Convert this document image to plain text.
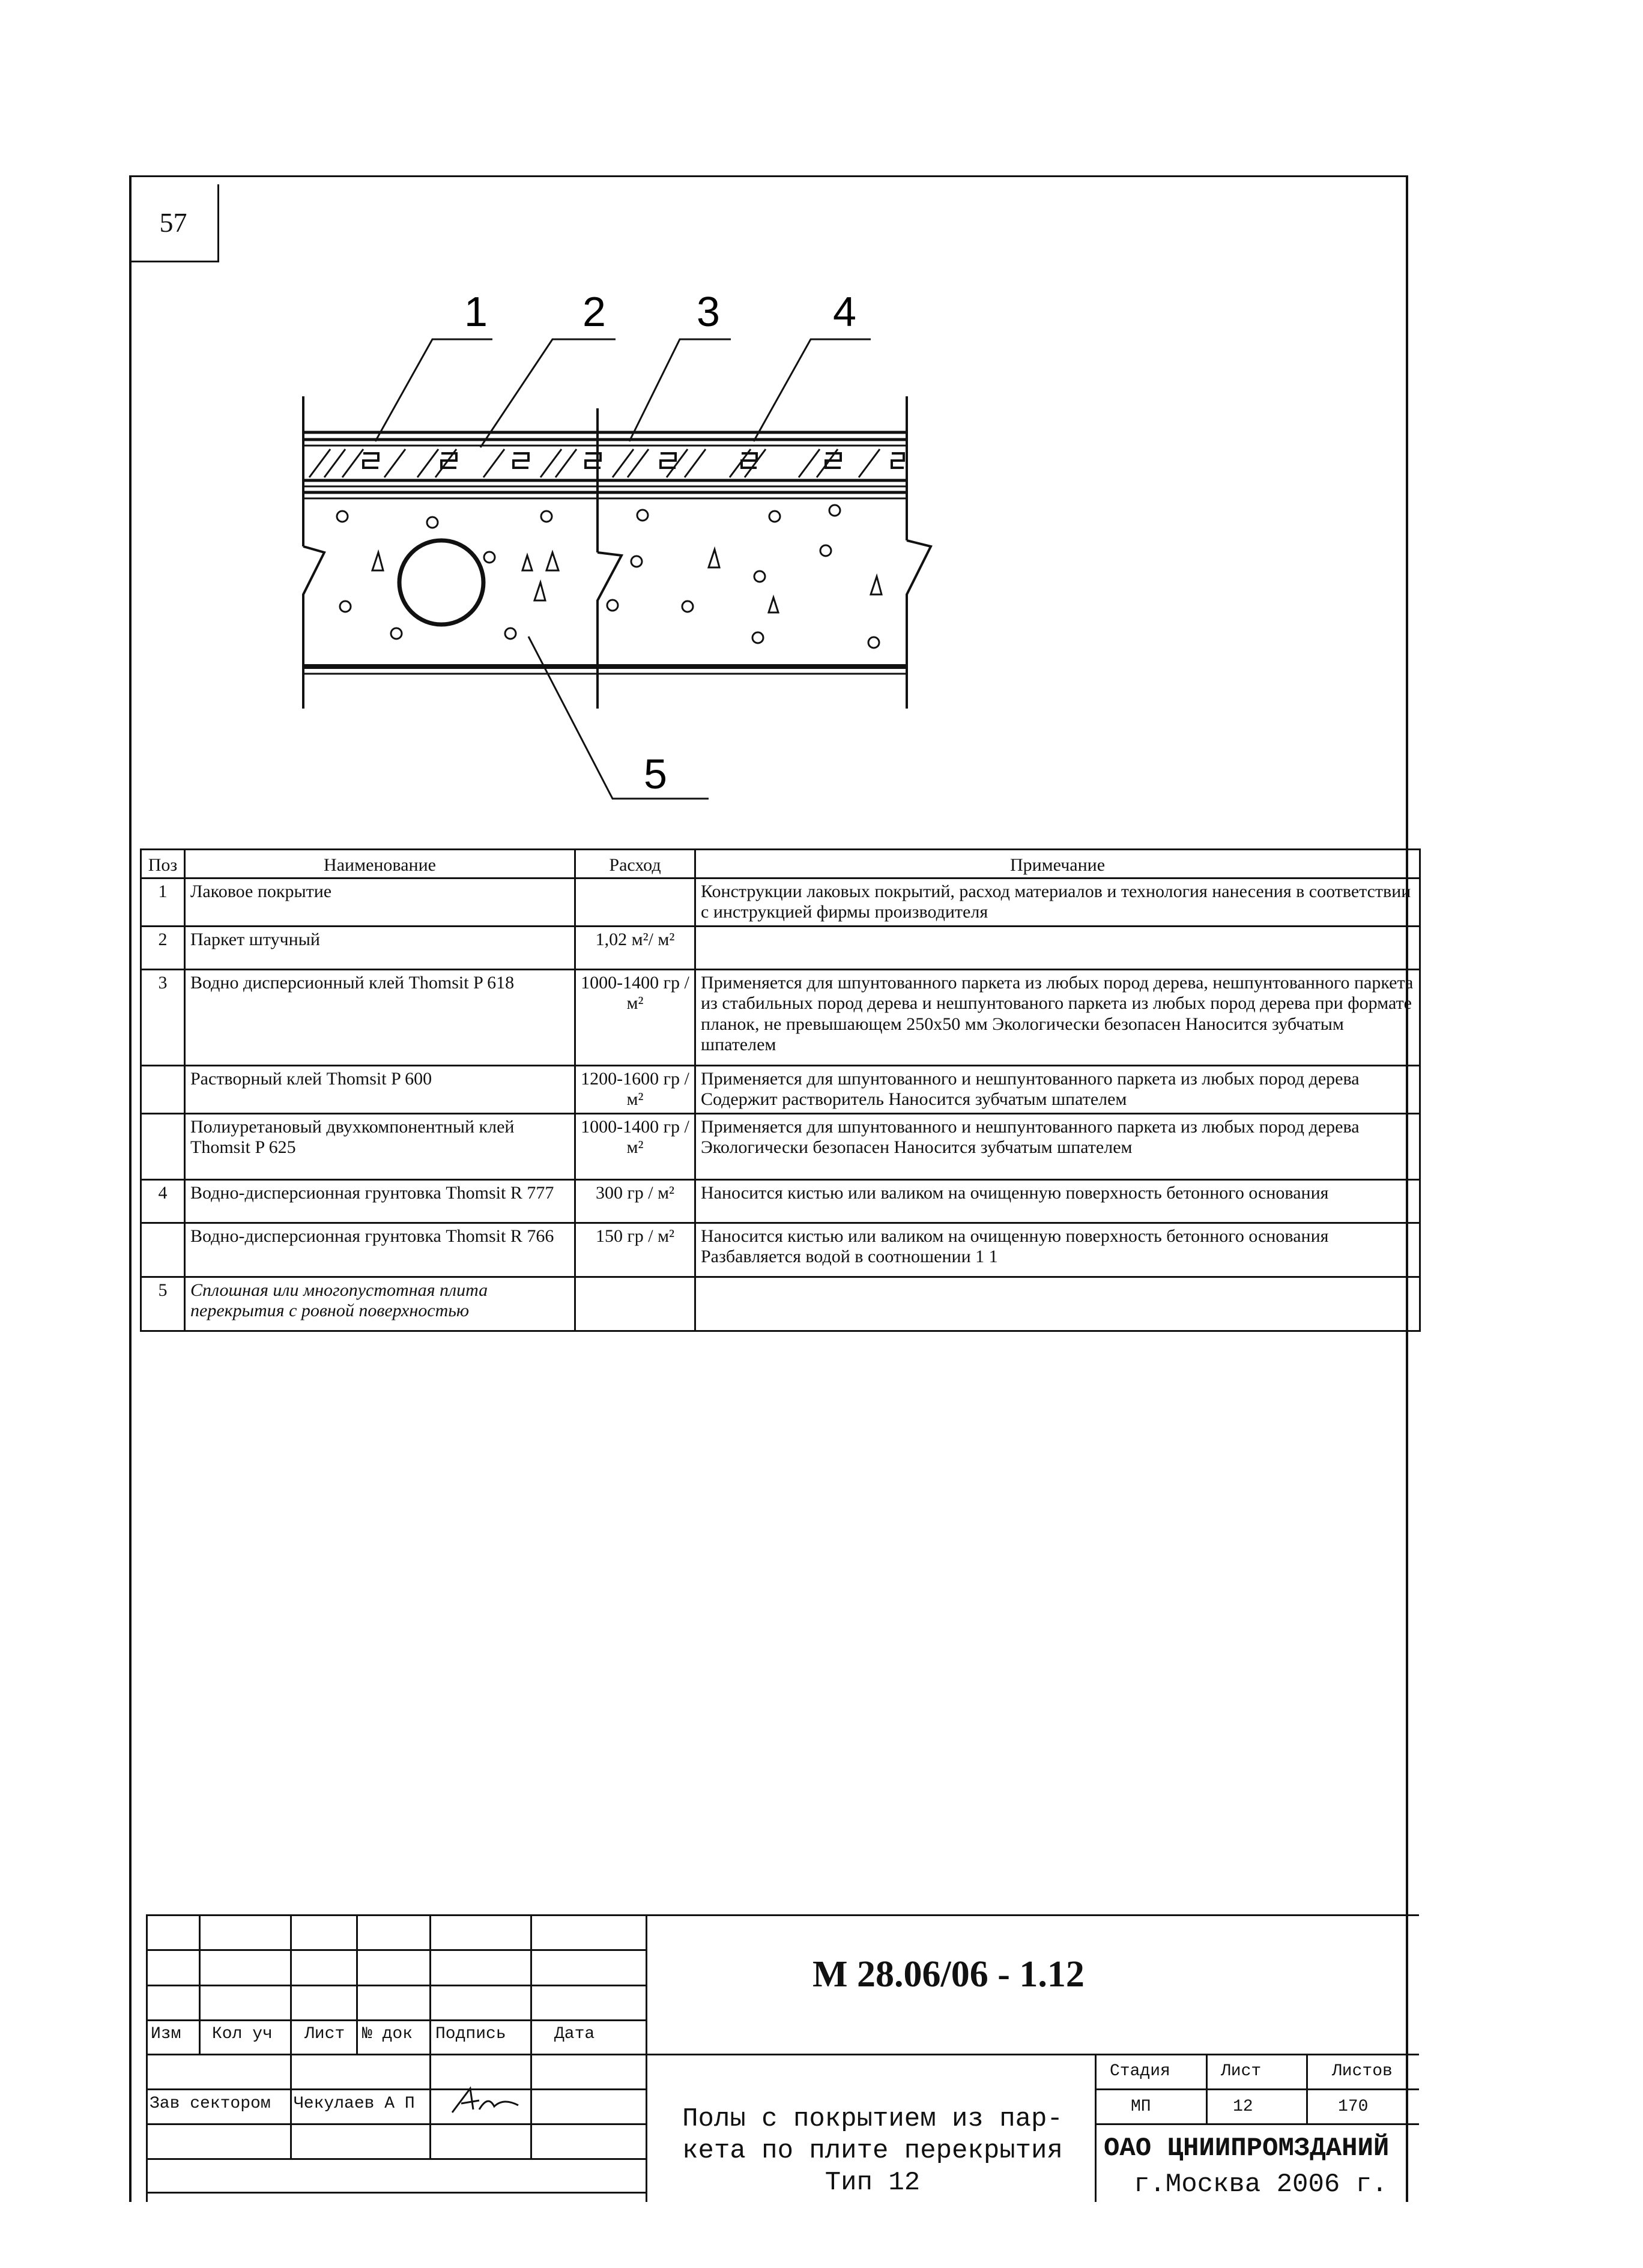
57
1 2 3	4
5
Поз	Наименование	Расход	Примечание
1	Лаковое покрытие		Конструкции лаковых покрытий, расход материалов и технология нанесения в соответствии с инструкцией фирмы производителя
2	Паркет штучный	1,02 м²/ м²	
3	Водно дисперсионный клей Thomsit P 618	1000-1400 гр / м²	Применяется для шпунтованного паркета из любых пород дерева, нешпунтованного паркета из стабильных пород дерева и нешпунтованого паркета из любых пород дерева при формате планок, не превышающем 250х50 мм Экологически безопасен Наносится зубчатым шпателем
	Растворный клей Thomsit P 600	1200-1600 гр / м²	Применяется для шпунтованного и нешпунтованного паркета из любых пород дерева Содержит растворитель Наносится зубчатым шпателем
	Полиуретановый двухкомпонентный клей Thomsit P 625	1000-1400 гр / м²	Применяется для шпунтованного и нешпунтованного паркета из любых пород дерева Экологически безопасен Наносится зубчатым шпателем
4	Водно-дисперсионная грунтовка Thomsit R 777	300 гр / м²	Наносится кистью или валиком на очищенную поверхность бетонного основания
	Водно-дисперсионная грунтовка Thomsit R 766	150 гр / м²	Наносится кистью или валиком на очищенную поверхность бетонного основания Разбавляется водой в соотношении 1 1
5	Сплошная или многопустотная плита перекрытия с ровной поверхностью		
Изм Кол уч Лист № док Подпись	Дата
Зав сектором Чекулаев А П
М 28.06/06 - 1.12
Полы с покрытием из пар-
кета по плите перекрытия
Тип 12
Стадия	Лист	Листов
МП	12	170
ОАО ЦНИИПРОМЗДАНИЙ
г.Москва 2006 г.
